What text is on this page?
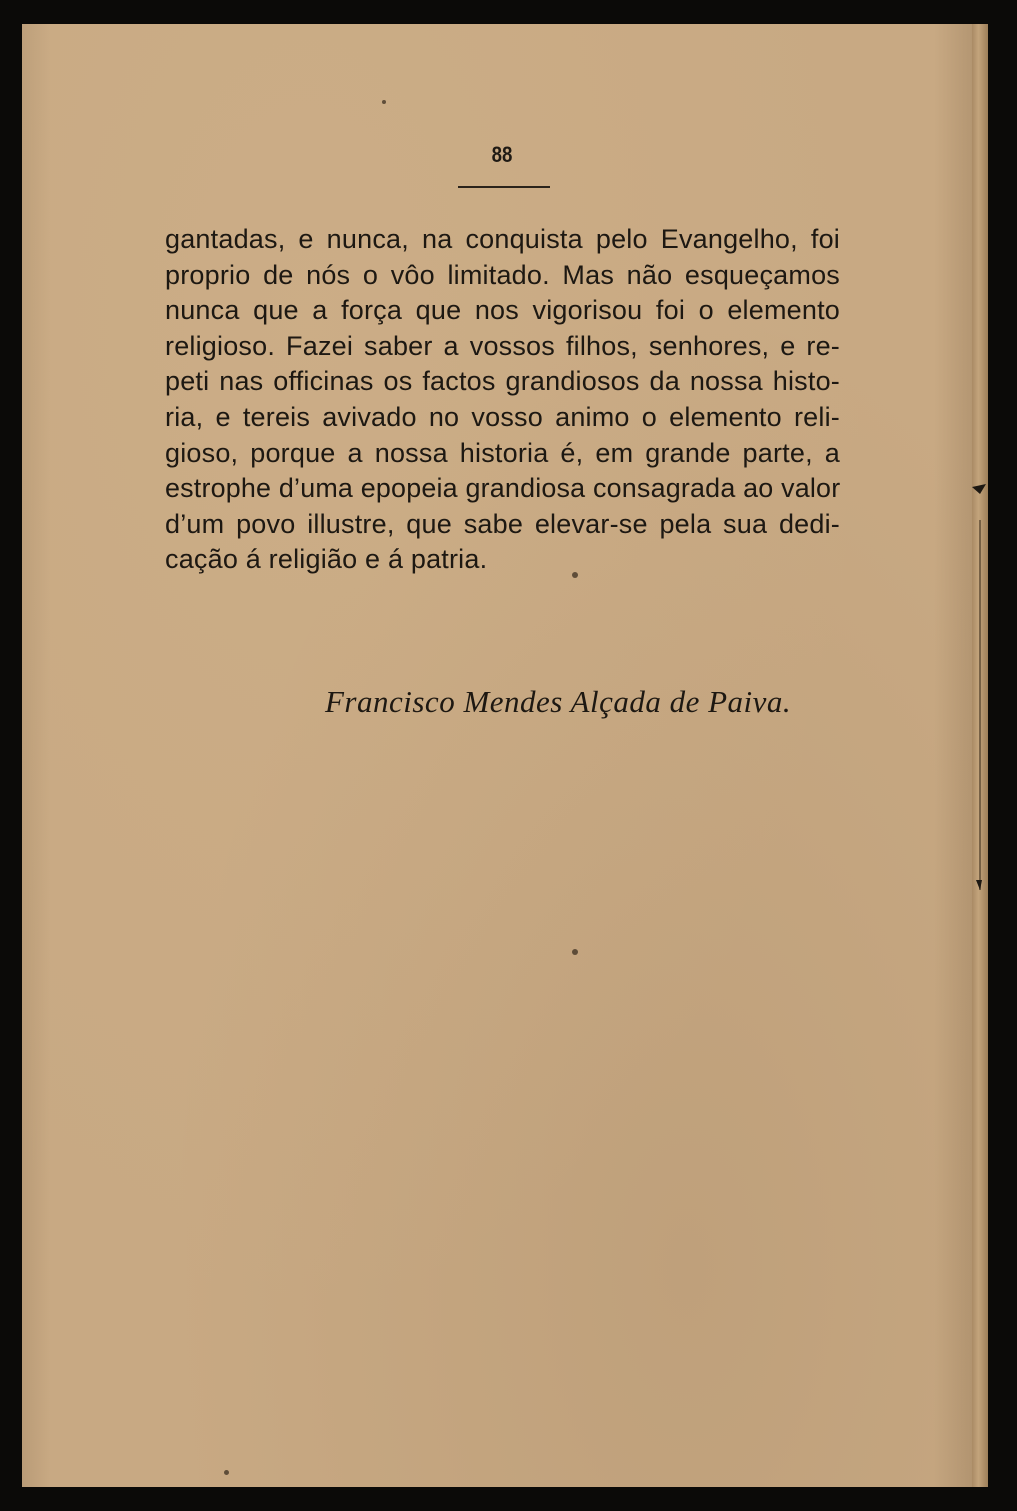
88
gantadas, e nunca, na conquista pelo Evangelho, foi
proprio de nós o vôo limitado. Mas não esqueçamos
nunca que a força que nos vigorisou foi o elemento
religioso. Fazei saber a vossos filhos, senhores, e re-
peti nas officinas os factos grandiosos da nossa histo-
ria, e tereis avivado no vosso animo o elemento reli-
gioso, porque a nossa historia é, em grande parte, a
estrophe d’uma epopeia grandiosa consagrada ao valor
d’um povo illustre, que sabe elevar-se pela sua dedi-
cação á religião e á patria.
Francisco Mendes Alçada de Paiva.
